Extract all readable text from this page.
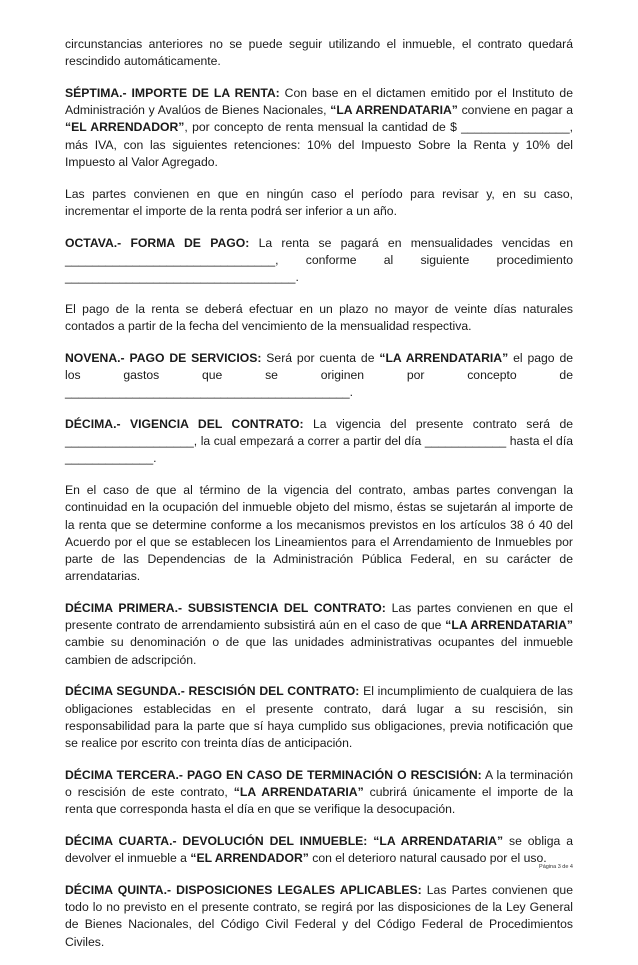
circunstancias anteriores no se puede seguir utilizando el inmueble, el contrato quedará rescindido automáticamente.

SÉPTIMA.- IMPORTE DE LA RENTA: Con base en el dictamen emitido por el Instituto de Administración y Avalúos de Bienes Nacionales, “LA ARRENDATARIA” conviene en pagar a “EL ARRENDADOR”, por concepto de renta mensual la cantidad de $ ________________, más IVA, con las siguientes retenciones: 10% del Impuesto Sobre la Renta y 10% del Impuesto al Valor Agregado.

Las partes convienen en que en ningún caso el período para revisar y, en su caso, incrementar el importe de la renta podrá ser inferior a un año.

OCTAVA.- FORMA DE PAGO: La renta se pagará en mensualidades vencidas en _______________________________, conforme al siguiente procedimiento __________________________________.

El pago de la renta se deberá efectuar en un plazo no mayor de veinte días naturales contados a partir de la fecha del vencimiento de la mensualidad respectiva.

NOVENA.- PAGO DE SERVICIOS: Será por cuenta de “LA ARRENDATARIA” el pago de los gastos que se originen por concepto de __________________________________________.

DÉCIMA.- VIGENCIA DEL CONTRATO: La vigencia del presente contrato será de ___________________, la cual empezará a correr a partir del día ____________ hasta el día _____________.

En el caso de que al término de la vigencia del contrato, ambas partes convengan la continuidad en la ocupación del inmueble objeto del mismo, éstas se sujetarán al importe de la renta que se determine conforme a los mecanismos previstos en los artículos 38 ó 40 del Acuerdo por el que se establecen los Lineamientos para el Arrendamiento de Inmuebles por parte de las Dependencias de la Administración Pública Federal, en su carácter de arrendatarias.

DÉCIMA PRIMERA.- SUBSISTENCIA DEL CONTRATO: Las partes convienen en que el presente contrato de arrendamiento subsistirá aún en el caso de que “LA ARRENDATARIA” cambie su denominación o de que las unidades administrativas ocupantes del inmueble cambien de adscripción.

DÉCIMA SEGUNDA.- RESCISIÓN DEL CONTRATO: El incumplimiento de cualquiera de las obligaciones establecidas en el presente contrato, dará lugar a su rescisión, sin responsabilidad para la parte que sí haya cumplido sus obligaciones, previa notificación que se realice por escrito con treinta días de anticipación.

DÉCIMA TERCERA.- PAGO EN CASO DE TERMINACIÓN O RESCISIÓN: A la terminación o rescisión de este contrato, “LA ARRENDATARIA” cubrirá únicamente el importe de la renta que corresponda hasta el día en que se verifique la desocupación.

DÉCIMA CUARTA.- DEVOLUCIÓN DEL INMUEBLE: “LA ARRENDATARIA” se obliga a devolver el inmueble a “EL ARRENDADOR” con el deterioro natural causado por el uso.

DÉCIMA QUINTA.- DISPOSICIONES LEGALES APLICABLES: Las Partes convienen que todo lo no previsto en el presente contrato, se regirá por las disposiciones de la Ley General de Bienes Nacionales, del Código Civil Federal y del Código Federal de Procedimientos Civiles.

Página 3 de 4
